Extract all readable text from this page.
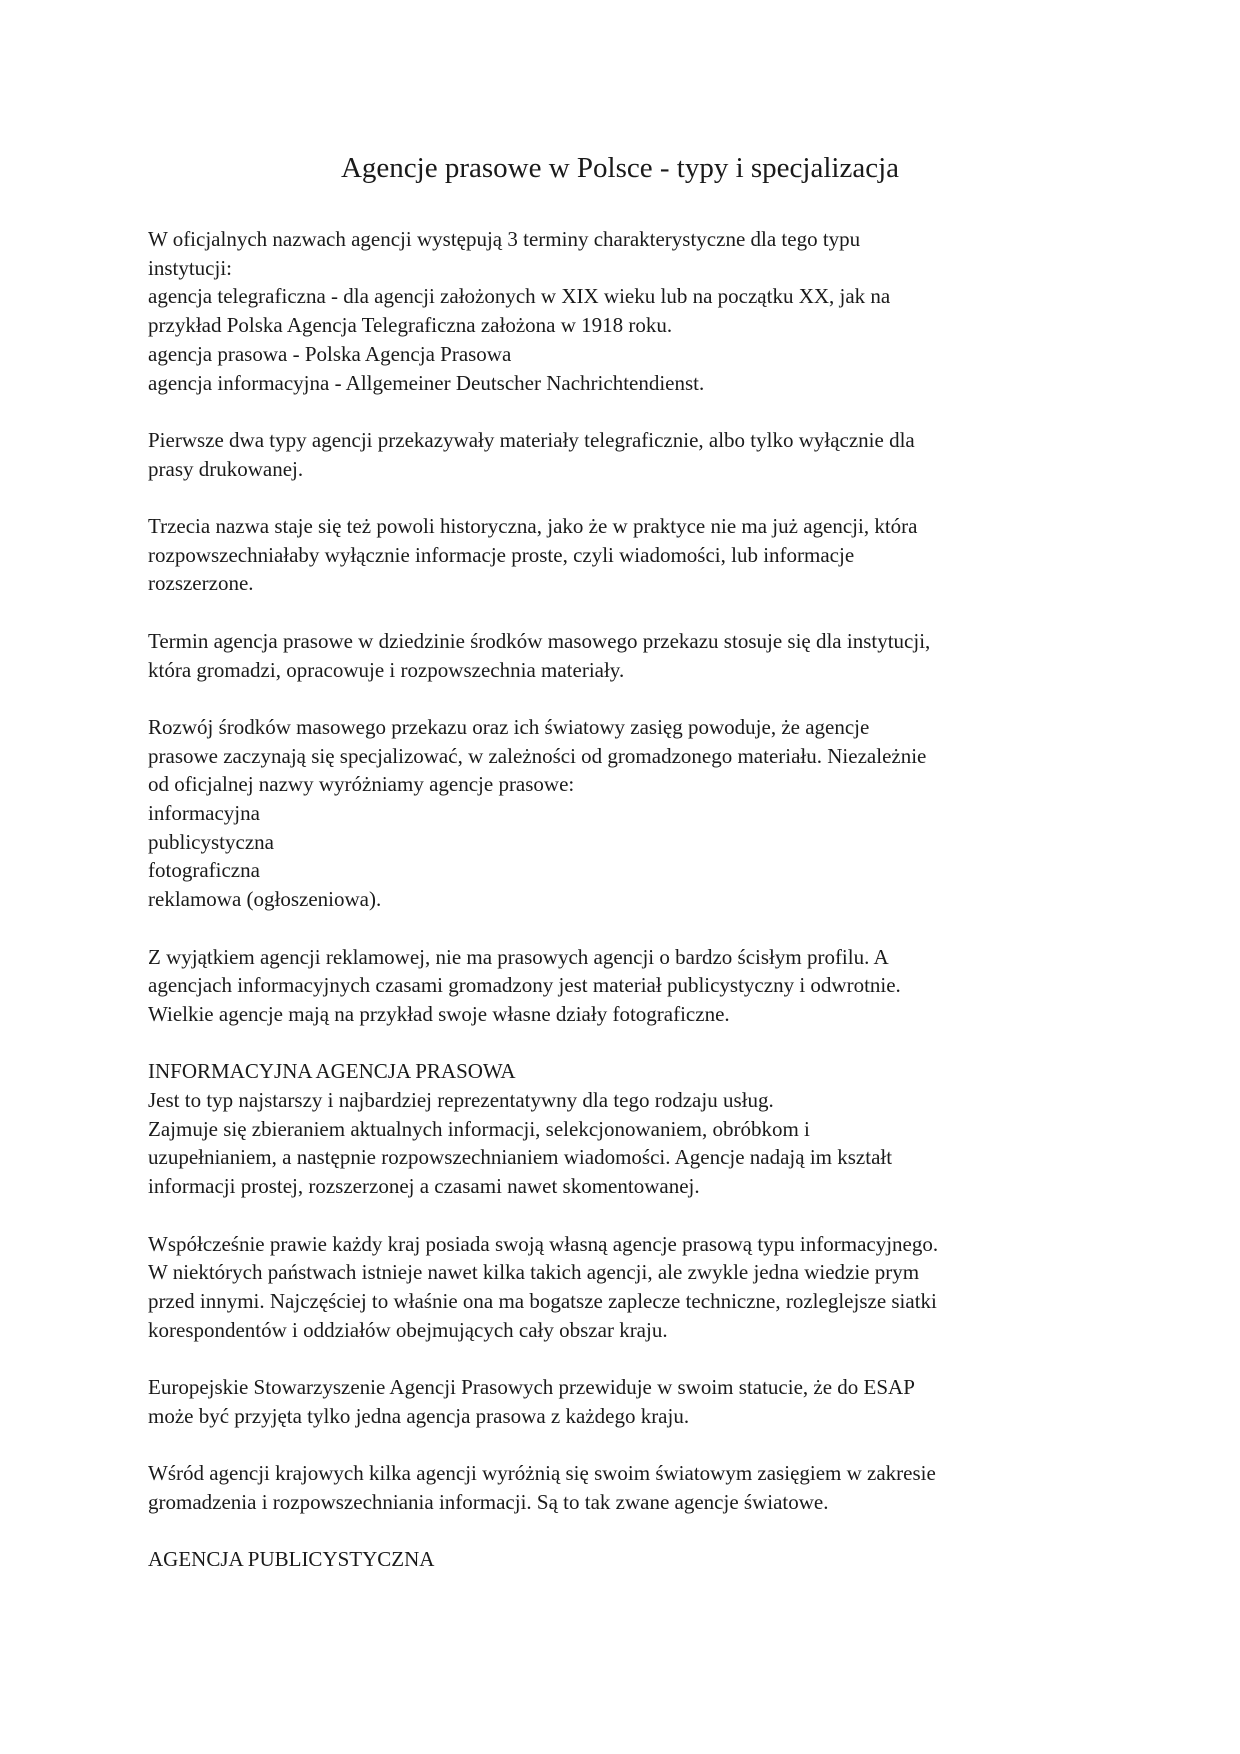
Agencje prasowe w Polsce - typy i specjalizacja

W oficjalnych nazwach agencji występują 3 terminy charakterystyczne dla tego typu
instytucji:
agencja telegraficzna - dla agencji założonych w XIX wieku lub na początku XX, jak na
przykład Polska Agencja Telegraficzna założona w 1918 roku.
agencja prasowa - Polska Agencja Prasowa
agencja informacyjna - Allgemeiner Deutscher Nachrichtendienst.

Pierwsze dwa typy agencji przekazywały materiały telegraficznie, albo tylko wyłącznie dla
prasy drukowanej.

Trzecia nazwa staje się też powoli historyczna, jako że w praktyce nie ma już agencji, która
rozpowszechniałaby wyłącznie informacje proste, czyli wiadomości, lub informacje
rozszerzone.

Termin agencja prasowe w dziedzinie środków masowego przekazu stosuje się dla instytucji,
która gromadzi, opracowuje i rozpowszechnia materiały.

Rozwój środków masowego przekazu oraz ich światowy zasięg powoduje, że agencje
prasowe zaczynają się specjalizować, w zależności od gromadzonego materiału. Niezależnie
od oficjalnej nazwy wyróżniamy agencje prasowe:
informacyjna
publicystyczna
fotograficzna
reklamowa (ogłoszeniowa).

Z wyjątkiem agencji reklamowej, nie ma prasowych agencji o bardzo ścisłym profilu. A
agencjach informacyjnych czasami gromadzony jest materiał publicystyczny i odwrotnie.
Wielkie agencje mają na przykład swoje własne działy fotograficzne.

INFORMACYJNA AGENCJA PRASOWA
Jest to typ najstarszy i najbardziej reprezentatywny dla tego rodzaju usług.
Zajmuje się zbieraniem aktualnych informacji, selekcjonowaniem, obróbkom i
uzupełnianiem, a następnie rozpowszechnianiem wiadomości. Agencje nadają im kształt
informacji prostej, rozszerzonej a czasami nawet skomentowanej.

Współcześnie prawie każdy kraj posiada swoją własną agencje prasową typu informacyjnego.
W niektórych państwach istnieje nawet kilka takich agencji, ale zwykle jedna wiedzie prym
przed innymi. Najczęściej to właśnie ona ma bogatsze zaplecze techniczne, rozleglejsze siatki
korespondentów i oddziałów obejmujących cały obszar kraju.

Europejskie Stowarzyszenie Agencji Prasowych przewiduje w swoim statucie, że do ESAP
może być przyjęta tylko jedna agencja prasowa z każdego kraju.

Wśród agencji krajowych kilka agencji wyróżnią się swoim światowym zasięgiem w zakresie
gromadzenia i rozpowszechniania informacji. Są to tak zwane agencje światowe.

AGENCJA PUBLICYSTYCZNA
